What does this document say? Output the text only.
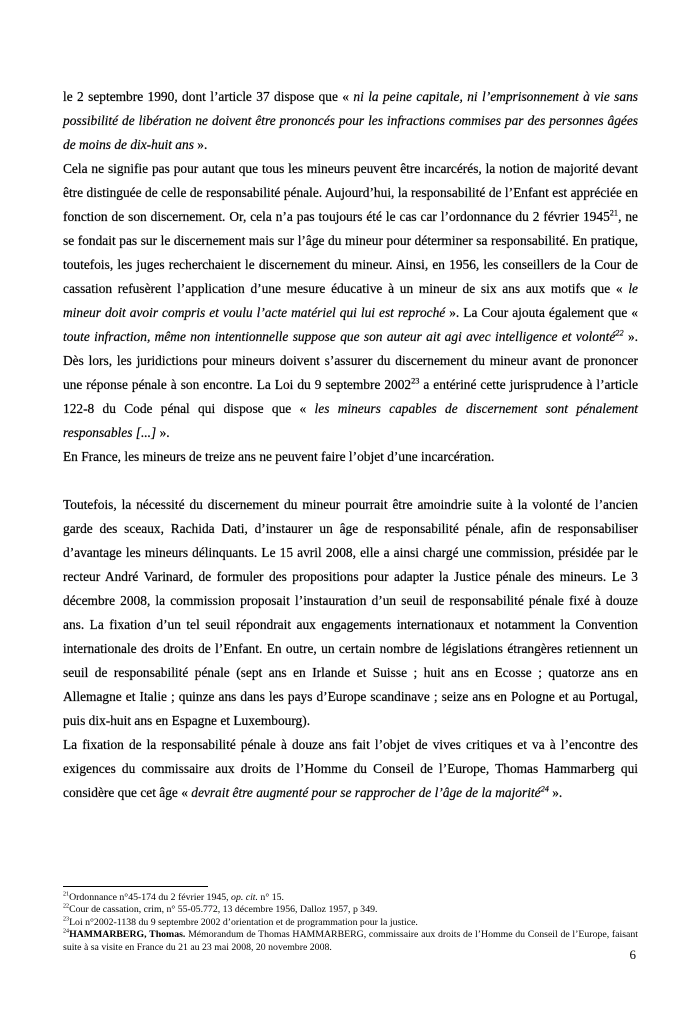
le 2 septembre 1990, dont l’article 37 dispose que « ni la peine capitale, ni l’emprisonnement à vie sans possibilité de libération ne doivent être prononcés pour les infractions commises par des personnes âgées de moins de dix-huit ans ».

Cela ne signifie pas pour autant que tous les mineurs peuvent être incarcérés, la notion de majorité devant être distinguée de celle de responsabilité pénale. Aujourd’hui, la responsabilité de l’Enfant est appréciée en fonction de son discernement. Or, cela n’a pas toujours été le cas car l’ordonnance du 2 février 1945$^{21}$, ne se fondait pas sur le discernement mais sur l’âge du mineur pour déterminer sa responsabilité. En pratique, toutefois, les juges recherchaient le discernement du mineur. Ainsi, en 1956, les conseillers de la Cour de cassation refusèrent l’application d’une mesure éducative à un mineur de six ans aux motifs que « le mineur doit avoir compris et voulu l’acte matériel qui lui est reproché ». La Cour ajouta également que « toute infraction, même non intentionnelle suppose que son auteur ait agi avec intelligence et volonté$^{22}$ ». Dès lors, les juridictions pour mineurs doivent s’assurer du discernement du mineur avant de prononcer une réponse pénale à son encontre. La Loi du 9 septembre 2002$^{23}$ a entériné cette jurisprudence à l’article 122-8 du Code pénal qui dispose que « les mineurs capables de discernement sont pénalement responsables [...] ».

En France, les mineurs de treize ans ne peuvent faire l’objet d’une incarcération.

Toutefois, la nécessité du discernement du mineur pourrait être amoindrie suite à la volonté de l’ancien garde des sceaux, Rachida Dati, d’instaurer un âge de responsabilité pénale, afin de responsabiliser d’avantage les mineurs délinquants. Le 15 avril 2008, elle a ainsi chargé une commission, présidée par le recteur André Varinard, de formuler des propositions pour adapter la Justice pénale des mineurs. Le 3 décembre 2008, la commission proposait l’instauration d’un seuil de responsabilité pénale fixé à douze ans. La fixation d’un tel seuil répondrait aux engagements internationaux et notamment la Convention internationale des droits de l’Enfant. En outre, un certain nombre de législations étrangères retiennent un seuil de responsabilité pénale (sept ans en Irlande et Suisse ; huit ans en Ecosse ; quatorze ans en Allemagne et Italie ; quinze ans dans les pays d’Europe scandinave ; seize ans en Pologne et au Portugal, puis dix-huit ans en Espagne et Luxembourg).

La fixation de la responsabilité pénale à douze ans fait l’objet de vives critiques et va à l’encontre des exigences du commissaire aux droits de l’Homme du Conseil de l’Europe, Thomas Hammarberg qui considère que cet âge « devrait être augmenté pour se rapprocher de l’âge de la majorité$^{24}$ ».

$^{21}$Ordonnance n°45-174 du 2 février 1945, op. cit. n° 15.

$^{22}$Cour de cassation, crim, n° 55-05.772, 13 décembre 1956, Dalloz 1957, p 349.

$^{23}$Loi n°2002-1138 du 9 septembre 2002 d’orientation et de programmation pour la justice.

$^{24}$HAMMARBERG, Thomas. Mémorandum de Thomas HAMMARBERG, commissaire aux droits de l’Homme du Conseil de l’Europe, faisant suite à sa visite en France du 21 au 23 mai 2008, 20 novembre 2008.	6
